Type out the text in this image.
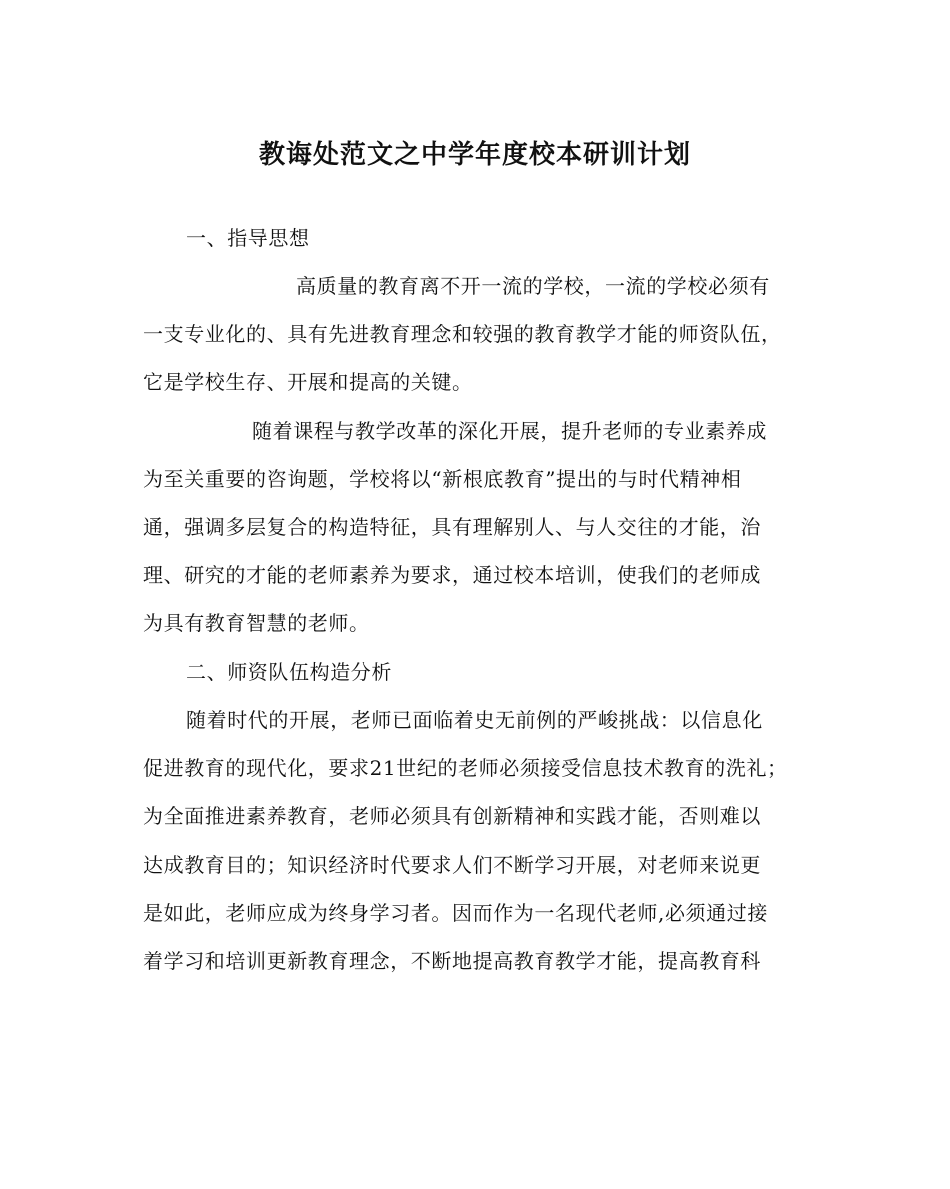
教诲处范文之中学年度校本研训计划
一、指导思想
高质量的教育离不开一流的学校，一流的学校必须有
一支专业化的、具有先进教育理念和较强的教育教学才能的师资队伍，
它是学校生存、开展和提高的关键。
随着课程与教学改革的深化开展，提升老师的专业素养成
为至关重要的咨询题，学校将以“新根底教育”提出的与时代精神相
通，强调多层复合的构造特征，具有理解别人、与人交往的才能，治
理、研究的才能的老师素养为要求，通过校本培训，使我们的老师成
为具有教育智慧的老师。
二、师资队伍构造分析
随着时代的开展，老师已面临着史无前例的严峻挑战：以信息化
促进教育的现代化，要求21世纪的老师必须接受信息技术教育的洗礼；
为全面推进素养教育，老师必须具有创新精神和实践才能，否则难以
达成教育目的；知识经济时代要求人们不断学习开展，对老师来说更
是如此，老师应成为终身学习者。因而作为一名现代老师,必须通过接
着学习和培训更新教育理念，不断地提高教育教学才能，提高教育科
